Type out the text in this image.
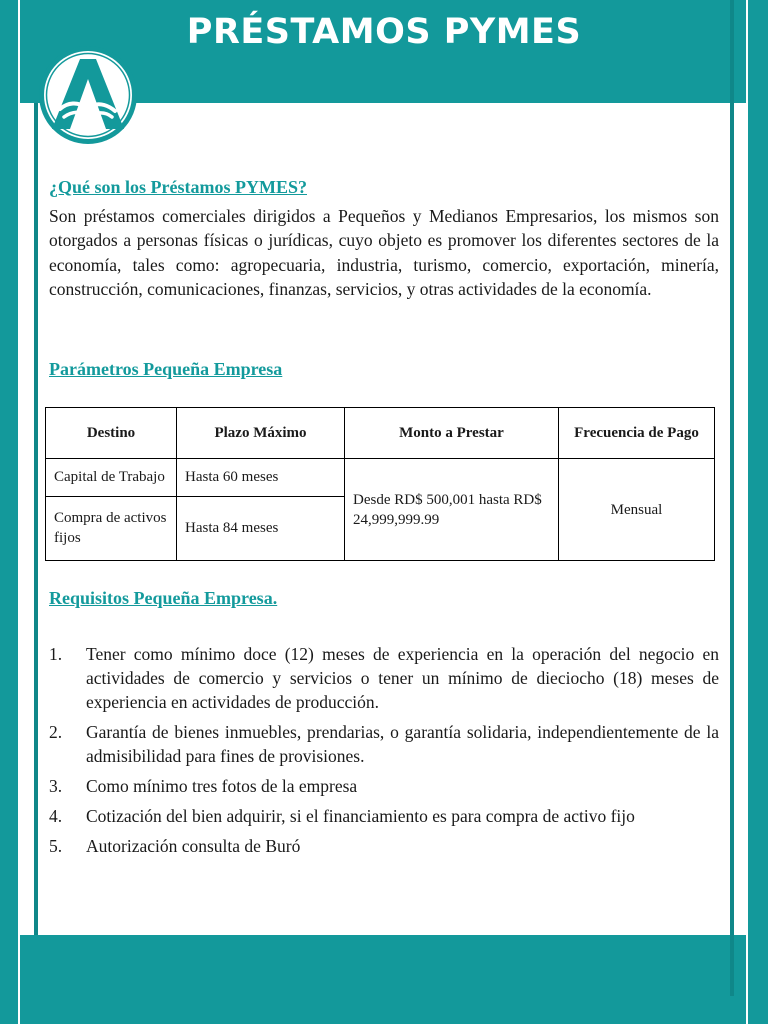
PRÉSTAMOS PYMES
¿Qué son los Préstamos PYMES?

Son préstamos comerciales dirigidos a Pequeños y Medianos Empresarios, los mismos son otorgados a personas físicas o jurídicas, cuyo objeto es promover los diferentes sectores de la economía, tales como: agropecuaria, industria, turismo, comercio, exportación, minería, construcción, comunicaciones, finanzas, servicios, y otras actividades de la economía.

Parámetros Pequeña Empresa
Destino	Plazo Máximo	Monto a Prestar	Frecuencia de Pago
Capital de Trabajo	Hasta 60 meses	Desde RD$ 500,001 hasta RD$ 24,999,999.99	Mensual
Compra de activos fijos	Hasta 84 meses		
Requisitos Pequeña Empresa.
1. Tener como mínimo doce (12) meses de experiencia en la operación del negocio en actividades de comercio y servicios o tener un mínimo de dieciocho (18) meses de experiencia en actividades de producción.
2. Garantía de bienes inmuebles, prendarias, o garantía solidaria, independientemente de la admisibilidad para fines de provisiones.
3. Como mínimo tres fotos de la empresa
4. Cotización del bien adquirir, si el financiamiento es para compra de activo fijo
5. Autorización consulta de Buró
